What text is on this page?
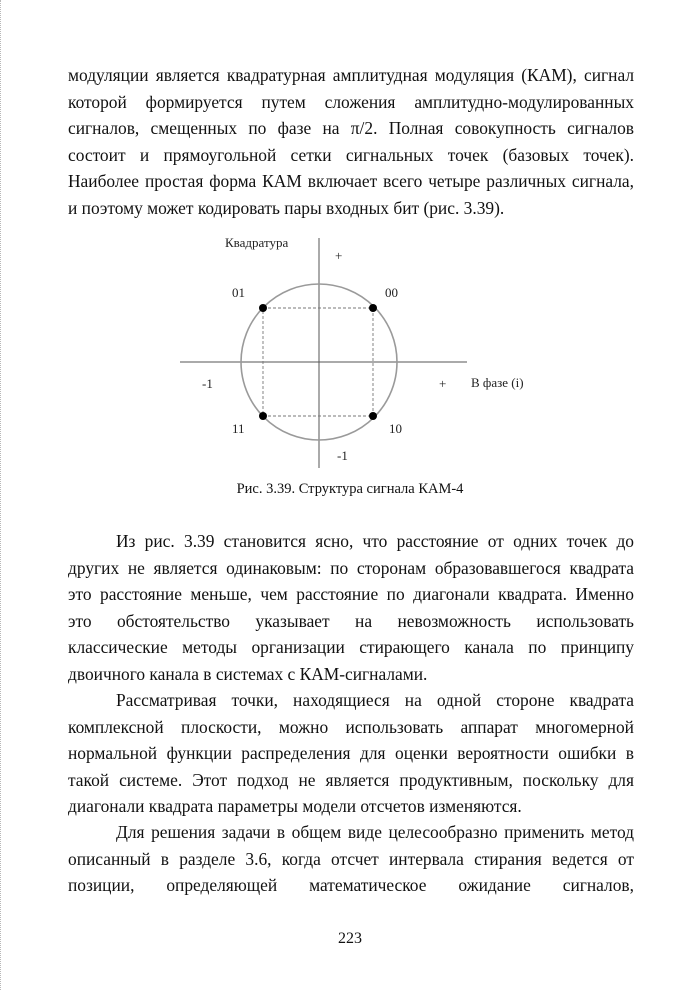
модуляции является квадратурная амплитудная модуляция (КАМ), сигнал
которой формируется путем сложения амплитудно-модулированных
сигналов, смещенных по фазе на π/2. Полная совокупность сигналов
состоит и прямоугольной сетки сигнальных точек (базовых точек).
Наиболее простая форма КАМ включает всего четыре различных сигнала,
и поэтому может кодировать пары входных бит (рис. 3.39).

Квадратура
+
-1
-1	+ В фазе (i)
01	00
11	10
Рис. 3.39. Структура сигнала КАМ-4

Из рис. 3.39 становится ясно, что расстояние от одних точек до
других не является одинаковым: по сторонам образовавшегося квадрата
это расстояние меньше, чем расстояние по диагонали квадрата. Именно
это обстоятельство указывает на невозможность использовать
классические методы организации стирающего канала по принципу
двоичного канала в системах с КАМ-сигналами.

Рассматривая точки, находящиеся на одной стороне квадрата
комплексной плоскости, можно использовать аппарат многомерной
нормальной функции распределения для оценки вероятности ошибки в
такой системе. Этот подход не является продуктивным, поскольку для
диагонали квадрата параметры модели отсчетов изменяются.

Для решения задачи в общем виде целесообразно применить метод
описанный в разделе 3.6, когда отсчет интервала стирания ведется от
позиции, определяющей математическое ожидание сигналов,

223
